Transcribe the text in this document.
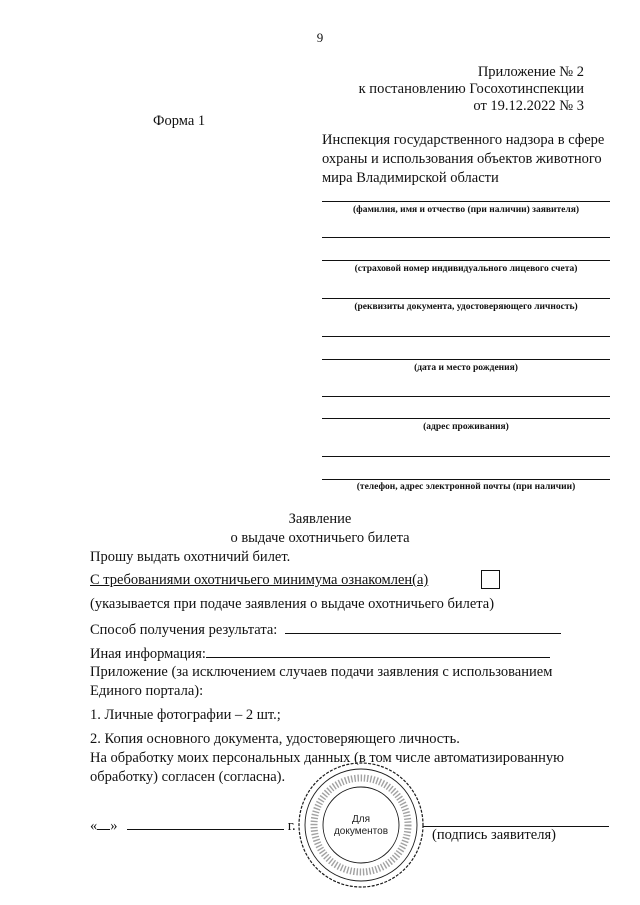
9
Приложение № 2
к постановлению Госохотинспекции
от 19.12.2022 № 3
Форма 1
Инспекция государственного надзора в сфере
охраны и использования объектов животного
мира Владимирской области
(фамилия, имя и отчество (при наличии) заявителя)
(страховой номер индивидуального лицевого счета)
(реквизиты документа, удостоверяющего личность)
(дата и место рождения)
(адрес проживания)
(телефон, адрес электронной почты (при наличии)
Заявление
о выдаче охотничьего билета
Прошу выдать охотничий билет.
С требованиями охотничьего минимума ознакомлен(а)
(указывается при подаче заявления о выдаче охотничьего билета)
Способ получения результата:
Иная информация:
Приложение (за исключением случаев подачи заявления с использованием
Единого портала):
1. Личные фотографии – 2 шт.;
2. Копия основного документа, удостоверяющего личность.
На обработку моих персональных данных (в том числе автоматизированную
обработку) согласен (согласна).
« »	г.
(подпись заявителя)
Для
документов
